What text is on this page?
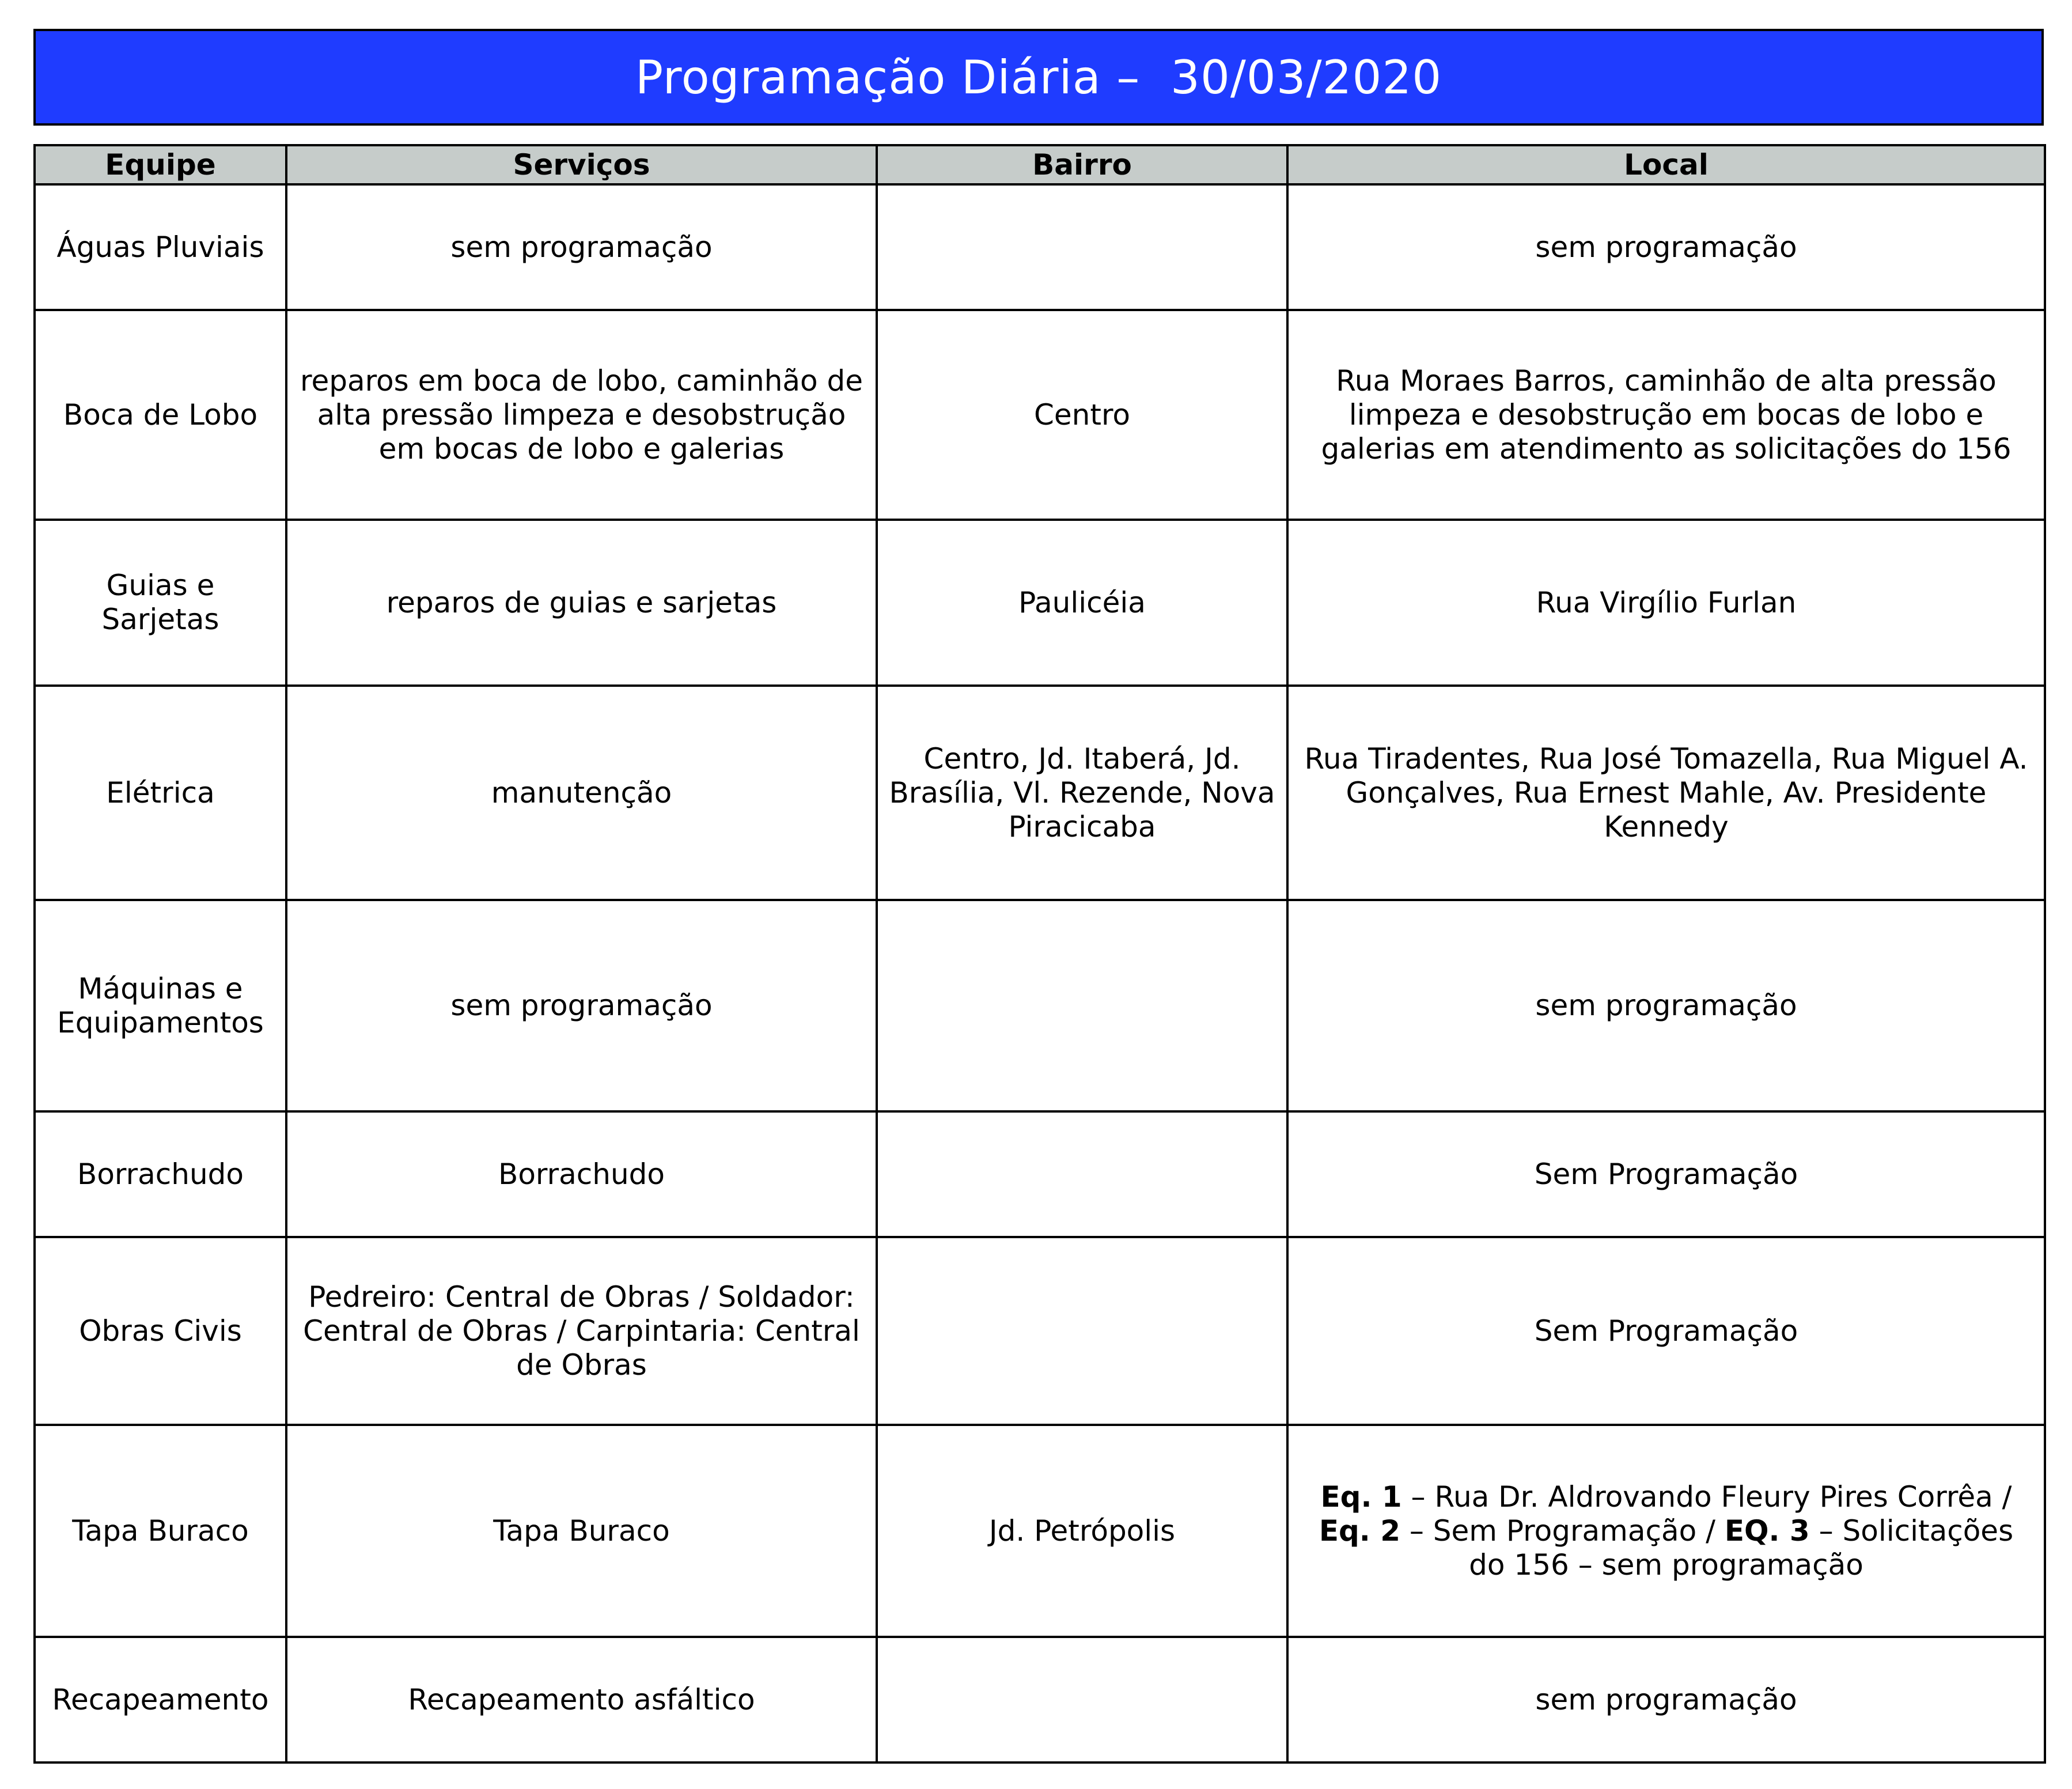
Programação Diária –  30/03/2020
Equipe	Serviços	Bairro	Local
Águas Pluviais	sem programação		sem programação
Boca de Lobo	reparos em boca de lobo, caminhão de alta pressão limpeza e desobstrução em bocas de lobo e galerias	Centro	Rua Moraes Barros, caminhão de alta pressão limpeza e desobstrução em bocas de lobo e galerias em atendimento as solicitações do 156
Guias e Sarjetas	reparos de guias e sarjetas	Paulicéia	Rua Virgílio Furlan
Elétrica	manutenção	Centro, Jd. Itaberá, Jd. Brasília, Vl. Rezende, Nova Piracicaba	Rua Tiradentes, Rua José Tomazella, Rua Miguel A. Gonçalves, Rua Ernest Mahle, Av. Presidente Kennedy
Máquinas e Equipamentos	sem programação		sem programação
Borrachudo	Borrachudo		Sem Programação
Obras Civis	Pedreiro: Central de Obras / Soldador: Central de Obras / Carpintaria: Central de Obras		Sem Programação
Tapa Buraco	Tapa Buraco	Jd. Petrópolis	Eq. 1 – Rua Dr. Aldrovando Fleury Pires Corrêa / Eq. 2 – Sem Programação / EQ. 3 – Solicitações do 156 – sem programação
Recapeamento	Recapeamento asfáltico		sem programação
